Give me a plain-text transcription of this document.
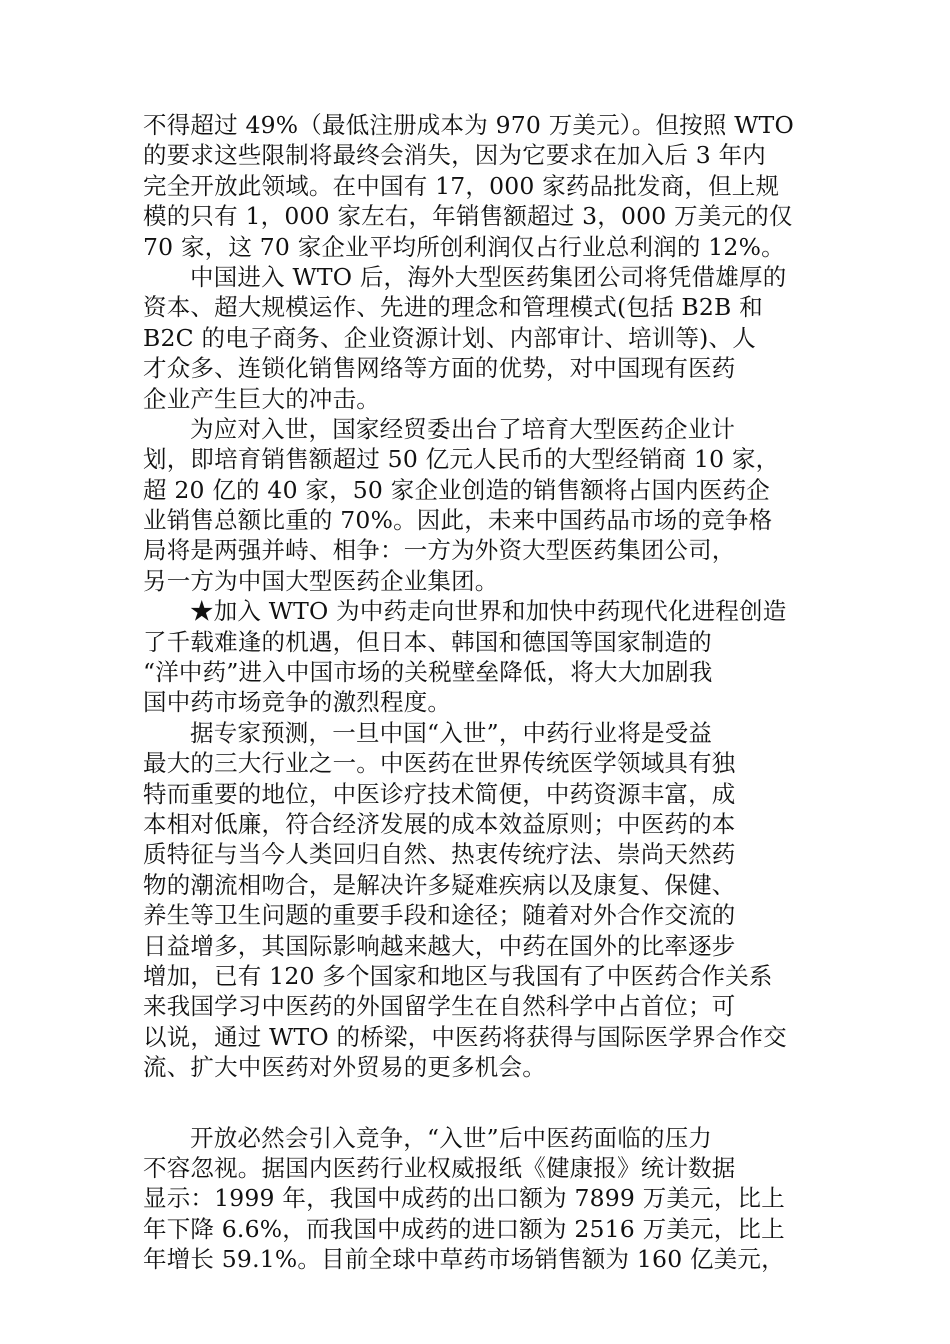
不得超过 49%（最低注册成本为 970 万美元）。但按照 WTO
的要求这些限制将最终会消失，因为它要求在加入后 3 年内
完全开放此领域。在中国有 17，000 家药品批发商，但上规
模的只有 1，000 家左右，年销售额超过 3，000 万美元的仅
70 家，这 70 家企业平均所创利润仅占行业总利润的 12%。
中国进入 WTO 后，海外大型医药集团公司将凭借雄厚的
资本、超大规模运作、先进的理念和管理模式(包括 B2B 和
B2C 的电子商务、企业资源计划、内部审计、培训等)、人
才众多、连锁化销售网络等方面的优势，对中国现有医药
企业产生巨大的冲击。
为应对入世，国家经贸委出台了培育大型医药企业计
划，即培育销售额超过 50 亿元人民币的大型经销商 10 家，
超 20 亿的 40 家，50 家企业创造的销售额将占国内医药企
业销售总额比重的 70%。因此，未来中国药品市场的竞争格
局将是两强并峙、相争：一方为外资大型医药集团公司，
另一方为中国大型医药企业集团。
★加入 WTO 为中药走向世界和加快中药现代化进程创造
了千载难逢的机遇，但日本、韩国和德国等国家制造的
“洋中药”进入中国市场的关税壁垒降低，将大大加剧我
国中药市场竞争的激烈程度。
据专家预测，一旦中国“入世”，中药行业将是受益
最大的三大行业之一。中医药在世界传统医学领域具有独
特而重要的地位，中医诊疗技术简便，中药资源丰富，成
本相对低廉，符合经济发展的成本效益原则；中医药的本
质特征与当今人类回归自然、热衷传统疗法、崇尚天然药
物的潮流相吻合，是解决许多疑难疾病以及康复、保健、
养生等卫生问题的重要手段和途径；随着对外合作交流的
日益增多，其国际影响越来越大，中药在国外的比率逐步
增加，已有 120 多个国家和地区与我国有了中医药合作关系
来我国学习中医药的外国留学生在自然科学中占首位；可
以说，通过 WTO 的桥梁，中医药将获得与国际医学界合作交
流、扩大中医药对外贸易的更多机会。
开放必然会引入竞争，“入世”后中医药面临的压力
不容忽视。据国内医药行业权威报纸《健康报》统计数据
显示：1999 年，我国中成药的出口额为 7899 万美元，比上
年下降 6.6%，而我国中成药的进口额为 2516 万美元，比上
年增长 59.1%。目前全球中草药市场销售额为 160 亿美元，
